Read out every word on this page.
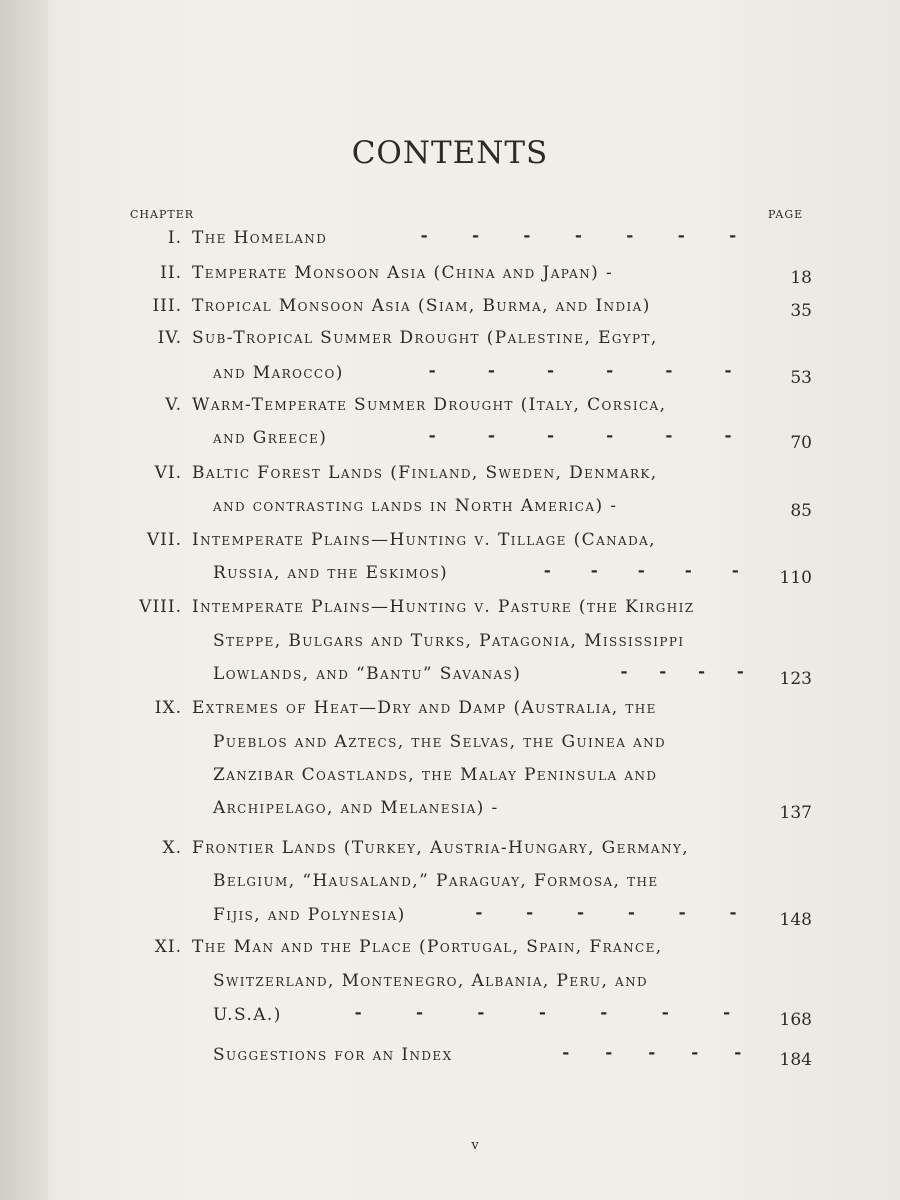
CONTENTS
CHAPTER	PAGE
I. The Homeland	-	-	-	-	-	-	-
II. Temperate Monsoon Asia (China and Japan) -	18
III. Tropical Monsoon Asia (Siam, Burma, and India)	35
IV. Sub-Tropical Summer Drought (Palestine, Egypt,
and Marocco)	-	-	-	-	-	-	53
V. Warm-Temperate Summer Drought (Italy, Corsica,
and Greece)	-	-	-	-	-	-	70
VI. Baltic Forest Lands (Finland, Sweden, Denmark,
and contrasting lands in North America) -	85
VII. Intemperate Plains—Hunting v. Tillage (Canada,
Russia, and the Eskimos)	- - - - -	110
VIII. Intemperate Plains—Hunting v. Pasture (the Kirghiz
Steppe, Bulgars and Turks, Patagonia, Mississippi
Lowlands, and “Bantu” Savanas)	- - - -	123
IX. Extremes of Heat—Dry and Damp (Australia, the
Pueblos and Aztecs, the Selvas, the Guinea and
Zanzibar Coastlands, the Malay Peninsula and
Archipelago, and Melanesia) -	137
X. Frontier Lands (Turkey, Austria-Hungary, Germany,
Belgium, “Hausaland,” Paraguay, Formosa, the
Fijis, and Polynesia)	-	-	-	-	-	-	148
XI. The Man and the Place (Portugal, Spain, France,
Switzerland, Montenegro, Albania, Peru, and
U.S.A.)	-	-	-	-	-	-	-	168
Suggestions for an Index	- - - - -	184
v
